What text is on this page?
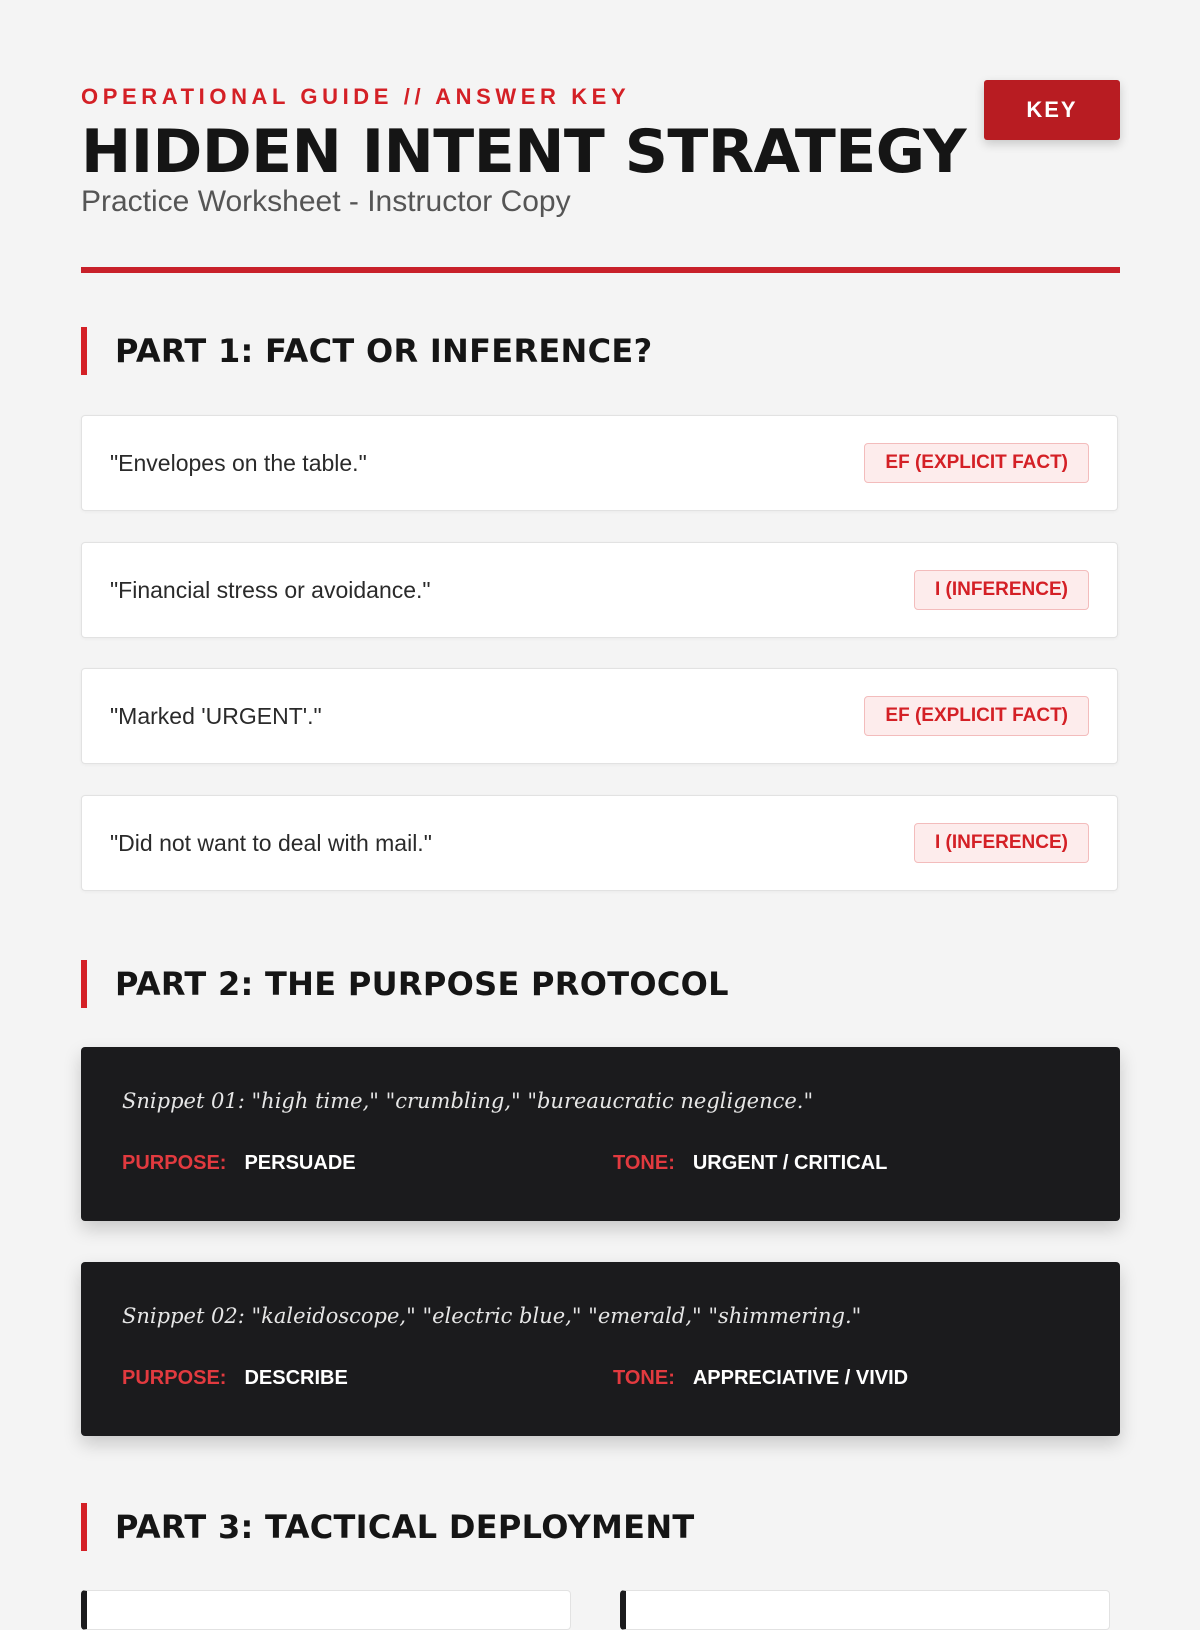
OPERATIONAL GUIDE // ANSWER KEY
HIDDEN INTENT STRATEGY
Practice Worksheet - Instructor Copy
KEY
PART 1: FACT OR INFERENCE?
"Envelopes on the table."	EF (EXPLICIT FACT)
"Financial stress or avoidance."	I (INFERENCE)
"Marked 'URGENT'."	EF (EXPLICIT FACT)
"Did not want to deal with mail."	I (INFERENCE)
PART 2: THE PURPOSE PROTOCOL
Snippet 01: "high time," "crumbling," "bureaucratic negligence."
PURPOSE: PERSUADE	TONE: URGENT / CRITICAL
Snippet 02: "kaleidoscope," "electric blue," "emerald," "shimmering."
PURPOSE: DESCRIBE	TONE: APPRECIATIVE / VIVID
PART 3: TACTICAL DEPLOYMENT
